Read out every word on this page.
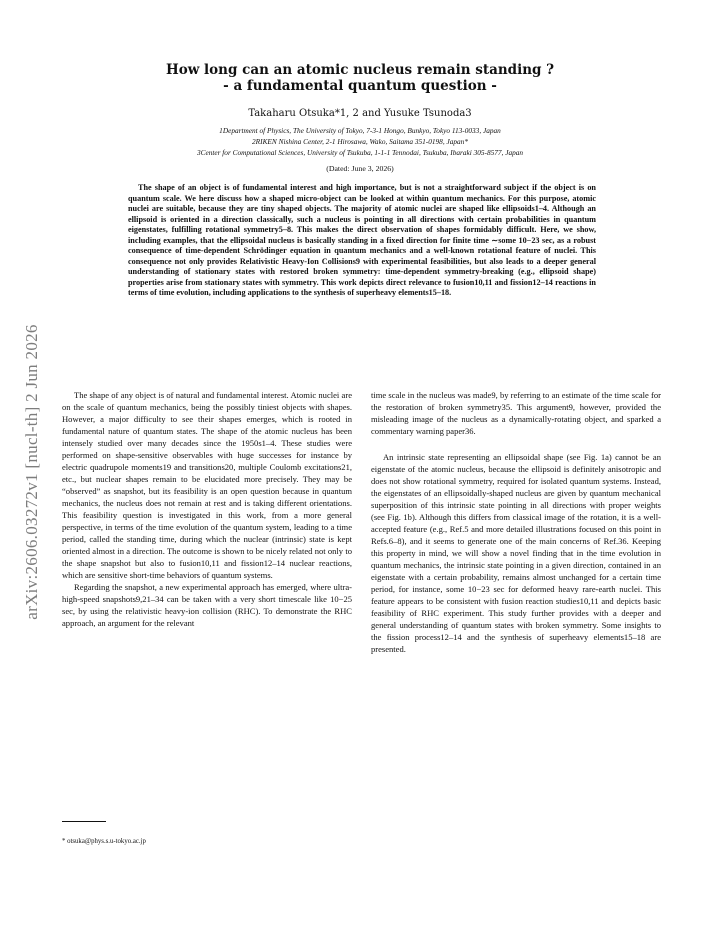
arXiv:2606.03272v1 [nucl-th] 2 Jun 2026
How long can an atomic nucleus remain standing ?
- a fundamental quantum question -
Takaharu Otsuka*1, 2 and Yusuke Tsunoda3
1Department of Physics, The University of Tokyo, 7-3-1 Hongo, Bunkyo, Tokyo 113-0033, Japan
2RIKEN Nishina Center, 2-1 Hirosawa, Wako, Saitama 351-0198, Japan*
3Center for Computational Sciences, University of Tsukuba, 1-1-1 Tennodai, Tsukuba, Ibaraki 305-8577, Japan
(Dated: June 3, 2026)
The shape of an object is of fundamental interest and high importance, but is not a straightforward subject if the object is on quantum scale. We here discuss how a shaped micro-object can be looked at within quantum mechanics. For this purpose, atomic nuclei are suitable, because they are tiny shaped objects. The majority of atomic nuclei are shaped like ellipsoids1–4. Although an ellipsoid is oriented in a direction classically, such a nucleus is pointing in all directions with certain probabilities in quantum eigenstates, fulfilling rotational symmetry5–8. This makes the direct observation of shapes formidably difficult. Here, we show, including examples, that the ellipsoidal nucleus is basically standing in a fixed direction for finite time ∼some 10−23 sec, as a robust consequence of time-dependent Schrödinger equation in quantum mechanics and a well-known rotational feature of nuclei. This consequence not only provides Relativistic Heavy-Ion Collisions9 with experimental feasibilities, but also leads to a deeper general understanding of stationary states with restored broken symmetry: time-dependent symmetry-breaking (e.g., ellipsoid shape) properties arise from stationary states with symmetry. This work depicts direct relevance to fusion10,11 and fission12–14 reactions in terms of time evolution, including applications to the synthesis of superheavy elements15–18.

The shape of any object is of natural and fundamental interest. Atomic nuclei are on the scale of quantum mechanics, being the possibly tiniest objects with shapes. However, a major difficulty to see their shapes emerges, which is rooted in fundamental nature of quantum states. The shape of the atomic nucleus has been intensely studied over many decades since the 1950s1–4. These studies were performed on shape-sensitive observables with huge successes for instance by electric quadrupole moments19 and transitions20, multiple Coulomb excitations21, etc., but nuclear shapes remain to be elucidated more precisely. They may be “observed” as snapshot, but its feasibility is an open question because in quantum mechanics, the nucleus does not remain at rest and is taking different orientations. This feasibility question is investigated in this work, from a more general perspective, in terms of the time evolution of the quantum system, leading to a time period, called the standing time, during which the nuclear (intrinsic) state is kept oriented almost in a direction. The outcome is shown to be nicely related not only to the shape snapshot but also to fusion10,11 and fission12–14 nuclear reactions, which are sensitive short-time behaviors of quantum systems.

Regarding the snapshot, a new experimental approach has emerged, where ultra-high-speed snapshots9,21–34 can be taken with a very short timescale like 10−25 sec, by using the relativistic heavy-ion collision (RHC). To demonstrate the RHC approach, an argument for the relevant

time scale in the nucleus was made9, by referring to an estimate of the time scale for the restoration of broken symmetry35. This argument9, however, provided the misleading image of the nucleus as a dynamically-rotating object, and sparked a commentary warning paper36.

An intrinsic state representing an ellipsoidal shape (see Fig. 1a) cannot be an eigenstate of the atomic nucleus, because the ellipsoid is definitely anisotropic and does not show rotational symmetry, required for isolated quantum systems. Instead, the eigenstates of an ellipsoidally-shaped nucleus are given by quantum mechanical superposition of this intrinsic state pointing in all directions with proper weights (see Fig. 1b). Although this differs from classical image of the rotation, it is a well-accepted feature (e.g., Ref.5 and more detailed illustrations focused on this point in Refs.6–8), and it seems to generate one of the main concerns of Ref.36. Keeping this property in mind, we will show a novel finding that in the time evolution in quantum mechanics, the intrinsic state pointing in a given direction, contained in an eigenstate with a certain probability, remains almost unchanged for a certain time period, for instance, some 10−23 sec for deformed heavy rare-earth nuclei. This feature appears to be consistent with fusion reaction studies10,11 and depicts basic feasibility of RHC experiment. This study further provides with a deeper and general understanding of quantum states with broken symmetry. Some insights to the fission process12–14 and the synthesis of superheavy elements15–18 are presented.

* otsuka@phys.s.u-tokyo.ac.jp
